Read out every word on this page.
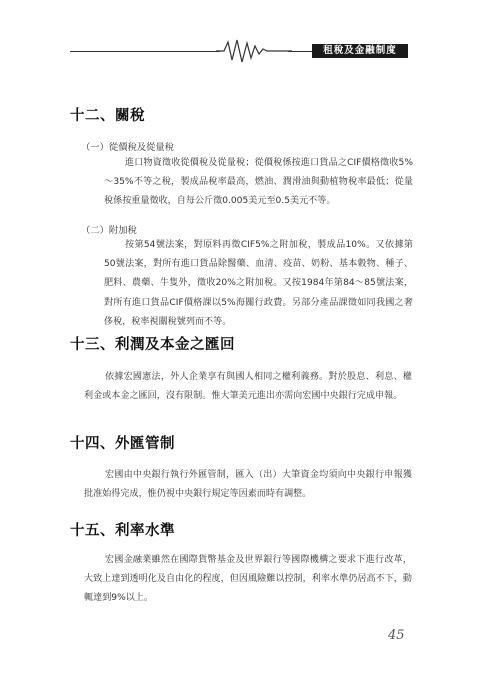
租稅及金融制度
十二、關稅
（一）從價稅及從量稅

進口物資徵收從價稅及從量稅；從價稅係按進口貨品之CIF價格徵收5%～35%不等之稅，製成品稅率最高，燃油、潤滑油與動植物稅率最低；從量稅係按重量徵收，自每公斤徵0.005美元至0.5美元不等。

（二）附加稅

按第54號法案，對原料再徵CIF5%之附加稅，製成品10%。又依據第50號法案，對所有進口貨品除醫藥、血清、疫苗、奶粉、基本穀物、種子、肥料、農藥、牛隻外，徵收20%之附加稅。又按1984年第84～85號法案，對所有進口貨品CIF價格課以5%海關行政費。另部分產品課徵如同我國之奢侈稅，稅率視關稅號列而不等。

十三、利潤及本金之匯回

依據宏國憲法，外人企業享有與國人相同之權利義務。對於股息、利息、權利金或本金之匯回，沒有限制。惟大筆美元進出亦需向宏國中央銀行完成申報。

十四、外匯管制

宏國由中央銀行執行外匯管制，匯入（出）大筆資金均須向中央銀行申報獲批准始得完成，惟仍視中央銀行規定等因素而時有調整。

十五、利率水準

宏國金融業雖然在國際貨幣基金及世界銀行等國際機構之要求下進行改革，大致上達到透明化及自由化的程度，但因風險難以控制，利率水準仍居高不下，動輒達到9%以上。

45
